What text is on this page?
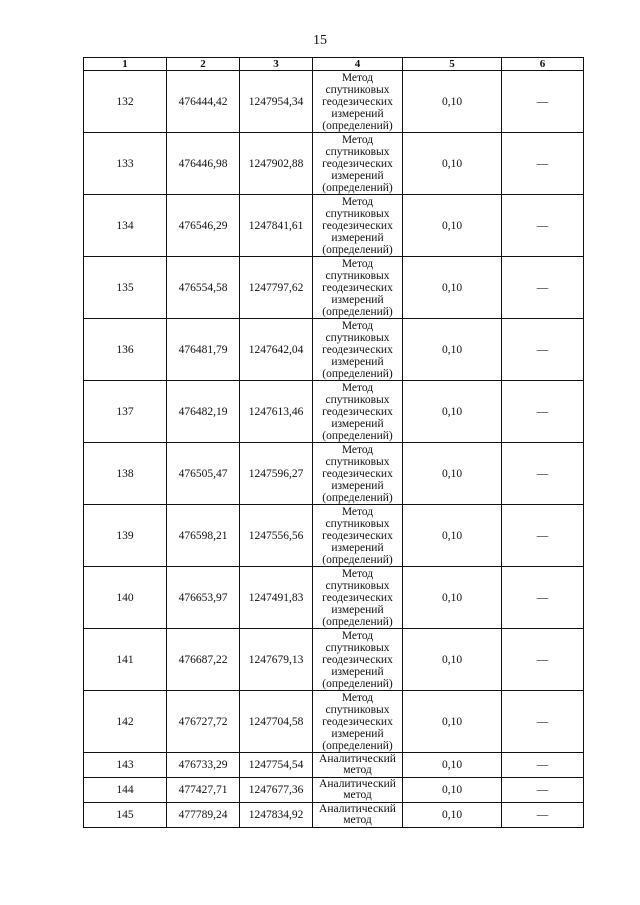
15
1	2	3	4	5	6
132	476444,42	1247954,34	Метод спутниковых геодезических измерений (определений)	0,10	—
133	476446,98	1247902,88	Метод спутниковых геодезических измерений (определений)	0,10	—
134	476546,29	1247841,61	Метод спутниковых геодезических измерений (определений)	0,10	—
135	476554,58	1247797,62	Метод спутниковых геодезических измерений (определений)	0,10	—
136	476481,79	1247642,04	Метод спутниковых геодезических измерений (определений)	0,10	—
137	476482,19	1247613,46	Метод спутниковых геодезических измерений (определений)	0,10	—
138	476505,47	1247596,27	Метод спутниковых геодезических измерений (определений)	0,10	—
139	476598,21	1247556,56	Метод спутниковых геодезических измерений (определений)	0,10	—
140	476653,97	1247491,83	Метод спутниковых геодезических измерений (определений)	0,10	—
141	476687,22	1247679,13	Метод спутниковых геодезических измерений (определений)	0,10	—
142	476727,72	1247704,58	Метод спутниковых геодезических измерений (определений)	0,10	—
143	476733,29	1247754,54	Аналитический метод	0,10	—
144	477427,71	1247677,36	Аналитический метод	0,10	—
145	477789,24	1247834,92	Аналитический метод	0,10	—
